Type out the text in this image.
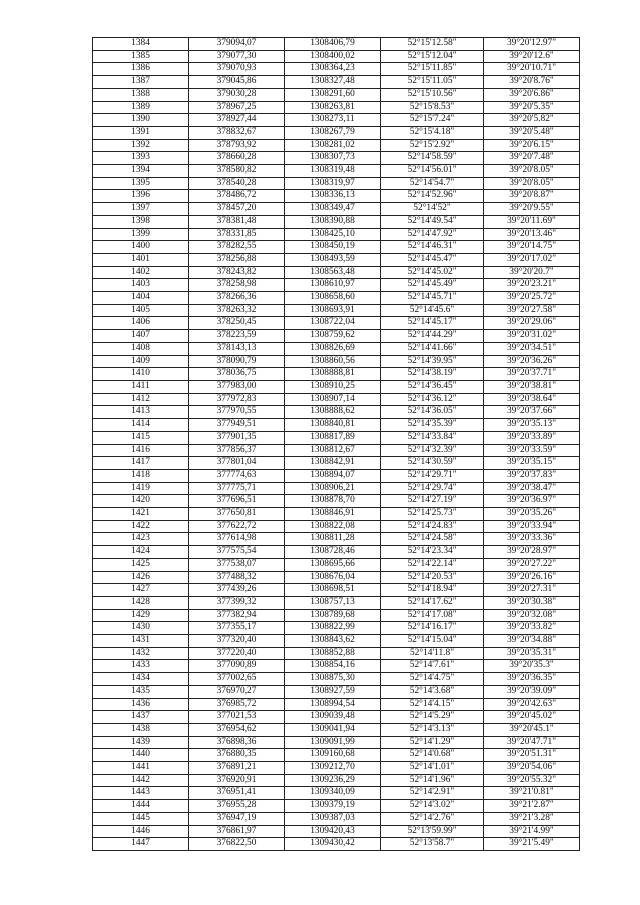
1384	379094,07	1308406,79	52°15'12.58"	39°20'12.97"
1385	379077,30	1308400,02	52°15'12.04"	39°20'12.6"
1386	379070,93	1308364,23	52°15'11.85"	39°20'10.71"
1387	379045,86	1308327,48	52°15'11.05"	39°20'8.76"
1388	379030,28	1308291,60	52°15'10.56"	39°20'6.86"
1389	378967,25	1308263,81	52°15'8.53"	39°20'5.35"
1390	378927,44	1308273,11	52°15'7.24"	39°20'5.82"
1391	378832,67	1308267,79	52°15'4.18"	39°20'5.48"
1392	378793,92	1308281,02	52°15'2.92"	39°20'6.15"
1393	378660,28	1308307,73	52°14'58.59"	39°20'7.48"
1394	378580,82	1308319,48	52°14'56.01"	39°20'8.05"
1395	378540,28	1308319,97	52°14'54.7"	39°20'8.05"
1396	378486,72	1308336,13	52°14'52.96"	39°20'8.87"
1397	378457,20	1308349,47	52°14'52"	39°20'9.55"
1398	378381,48	1308390,88	52°14'49.54"	39°20'11.69"
1399	378331,85	1308425,10	52°14'47.92"	39°20'13.46"
1400	378282,55	1308450,19	52°14'46.31"	39°20'14.75"
1401	378256,88	1308493,59	52°14'45.47"	39°20'17.02"
1402	378243,82	1308563,48	52°14'45.02"	39°20'20.7"
1403	378258,98	1308610,97	52°14'45.49"	39°20'23.21"
1404	378266,36	1308658,60	52°14'45.71"	39°20'25.72"
1405	378263,32	1308693,91	52°14'45.6"	39°20'27.58"
1406	378250,45	1308722,04	52°14'45.17"	39°20'29.06"
1407	378223,59	1308759,62	52°14'44.29"	39°20'31.02"
1408	378143,13	1308826,69	52°14'41.66"	39°20'34.51"
1409	378090,79	1308860,56	52°14'39.95"	39°20'36.26"
1410	378036,75	1308888,81	52°14'38.19"	39°20'37.71"
1411	377983,00	1308910,25	52°14'36.45"	39°20'38.81"
1412	377972,83	1308907,14	52°14'36.12"	39°20'38.64"
1413	377970,55	1308888,62	52°14'36.05"	39°20'37.66"
1414	377949,51	1308840,81	52°14'35.39"	39°20'35.13"
1415	377901,35	1308817,89	52°14'33.84"	39°20'33.89"
1416	377856,37	1308812,67	52°14'32.39"	39°20'33.59"
1417	377801,04	1308842,91	52°14'30.59"	39°20'35.15"
1418	377774,63	1308894,07	52°14'29.71"	39°20'37.83"
1419	377775,71	1308906,21	52°14'29.74"	39°20'38.47"
1420	377696,51	1308878,70	52°14'27.19"	39°20'36.97"
1421	377650,81	1308846,91	52°14'25.73"	39°20'35.26"
1422	377622,72	1308822,08	52°14'24.83"	39°20'33.94"
1423	377614,98	1308811,28	52°14'24.58"	39°20'33.36"
1424	377575,54	1308728,46	52°14'23.34"	39°20'28.97"
1425	377538,07	1308695,66	52°14'22.14"	39°20'27.22"
1426	377488,32	1308676,04	52°14'20.53"	39°20'26.16"
1427	377439,26	1308698,51	52°14'18.94"	39°20'27.31"
1428	377399,32	1308757,13	52°14'17.62"	39°20'30.38"
1429	377382,94	1308789,68	52°14'17.08"	39°20'32.08"
1430	377355,17	1308822,99	52°14'16.17"	39°20'33.82"
1431	377320,40	1308843,62	52°14'15.04"	39°20'34.88"
1432	377220,40	1308852,88	52°14'11.8"	39°20'35.31"
1433	377090,89	1308854,16	52°14'7.61"	39°20'35.3"
1434	377002,65	1308875,30	52°14'4.75"	39°20'36.35"
1435	376970,27	1308927,59	52°14'3.68"	39°20'39.09"
1436	376985,72	1308994,54	52°14'4.15"	39°20'42.63"
1437	377021,53	1309039,48	52°14'5.29"	39°20'45.02"
1438	376954,62	1309041,94	52°14'3.13"	39°20'45.1"
1439	376898,36	1309091,99	52°14'1.29"	39°20'47.71"
1440	376880,35	1309160,68	52°14'0.68"	39°20'51.31"
1441	376891,21	1309212,70	52°14'1.01"	39°20'54.06"
1442	376920,91	1309236,29	52°14'1.96"	39°20'55.32"
1443	376951,41	1309340,09	52°14'2.91"	39°21'0.81"
1444	376955,28	1309379,19	52°14'3.02"	39°21'2.87"
1445	376947,19	1309387,03	52°14'2.76"	39°21'3.28"
1446	376861,97	1309420,43	52°13'59.99"	39°21'4.99"
1447	376822,50	1309430,42	52°13'58.7"	39°21'5.49"
